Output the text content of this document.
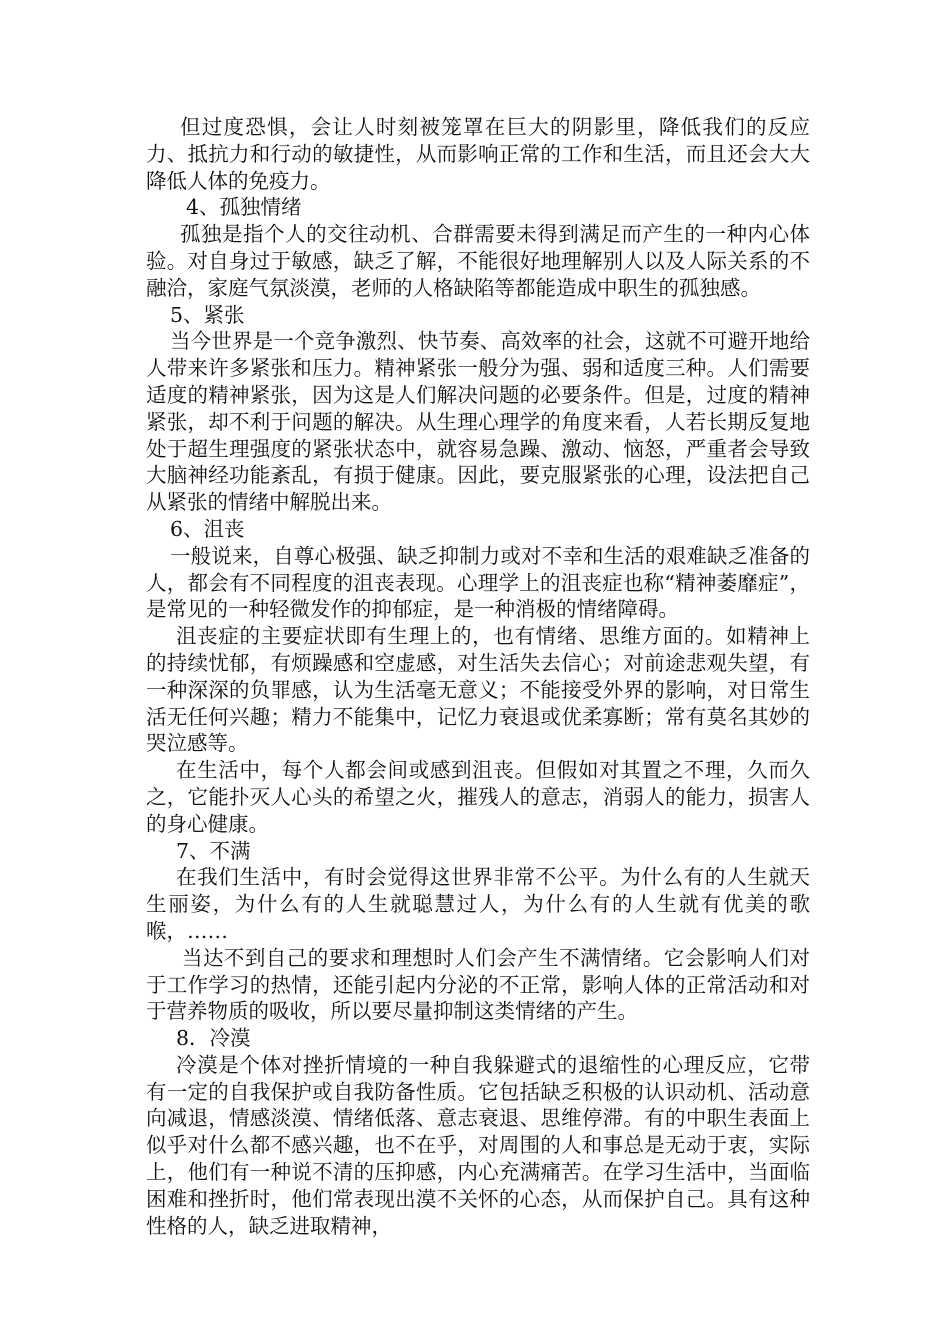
但过度恐惧，会让人时刻被笼罩在巨大的阴影里，降低我们的反应力、抵抗力和行动的敏捷性，从而影响正常的工作和生活，而且还会大大降低人体的免疫力。

4、孤独情绪

孤独是指个人的交往动机、合群需要未得到满足而产生的一种内心体验。对自身过于敏感，缺乏了解，不能很好地理解别人以及人际关系的不融洽，家庭气氛淡漠，老师的人格缺陷等都能造成中职生的孤独感。

5、紧张

当今世界是一个竞争激烈、快节奏、高效率的社会，这就不可避开地给人带来许多紧张和压力。精神紧张一般分为强、弱和适度三种。人们需要适度的精神紧张，因为这是人们解决问题的必要条件。但是，过度的精神紧张，却不利于问题的解决。从生理心理学的角度来看，人若长期反复地处于超生理强度的紧张状态中，就容易急躁、激动、恼怒，严重者会导致大脑神经功能紊乱，有损于健康。因此，要克服紧张的心理，设法把自己从紧张的情绪中解脱出来。

6、沮丧

一般说来，自尊心极强、缺乏抑制力或对不幸和生活的艰难缺乏准备的人，都会有不同程度的沮丧表现。心理学上的沮丧症也称“精神萎靡症”，是常见的一种轻微发作的抑郁症，是一种消极的情绪障碍。

沮丧症的主要症状即有生理上的，也有情绪、思维方面的。如精神上的持续忧郁，有烦躁感和空虚感，对生活失去信心；对前途悲观失望，有一种深深的负罪感，认为生活毫无意义；不能接受外界的影响，对日常生活无任何兴趣；精力不能集中，记忆力衰退或优柔寡断；常有莫名其妙的哭泣感等。

在生活中，每个人都会间或感到沮丧。但假如对其置之不理，久而久之，它能扑灭人心头的希望之火，摧残人的意志，消弱人的能力，损害人的身心健康。

7、不满

在我们生活中，有时会觉得这世界非常不公平。为什么有的人生就天生丽姿，为什么有的人生就聪慧过人，为什么有的人生就有优美的歌喉，……

当达不到自己的要求和理想时人们会产生不满情绪。它会影响人们对于工作学习的热情，还能引起内分泌的不正常，影响人体的正常活动和对于营养物质的吸收，所以要尽量抑制这类情绪的产生。

8．冷漠

冷漠是个体对挫折情境的一种自我躲避式的退缩性的心理反应，它带有一定的自我保护或自我防备性质。它包括缺乏积极的认识动机、活动意向减退，情感淡漠、情绪低落、意志衰退、思维停滞。有的中职生表面上似乎对什么都不感兴趣，也不在乎，对周围的人和事总是无动于衷，实际上，他们有一种说不清的压抑感，内心充满痛苦。在学习生活中，当面临困难和挫折时，他们常表现出漠不关怀的心态，从而保护自己。具有这种性格的人，缺乏进取精神，
